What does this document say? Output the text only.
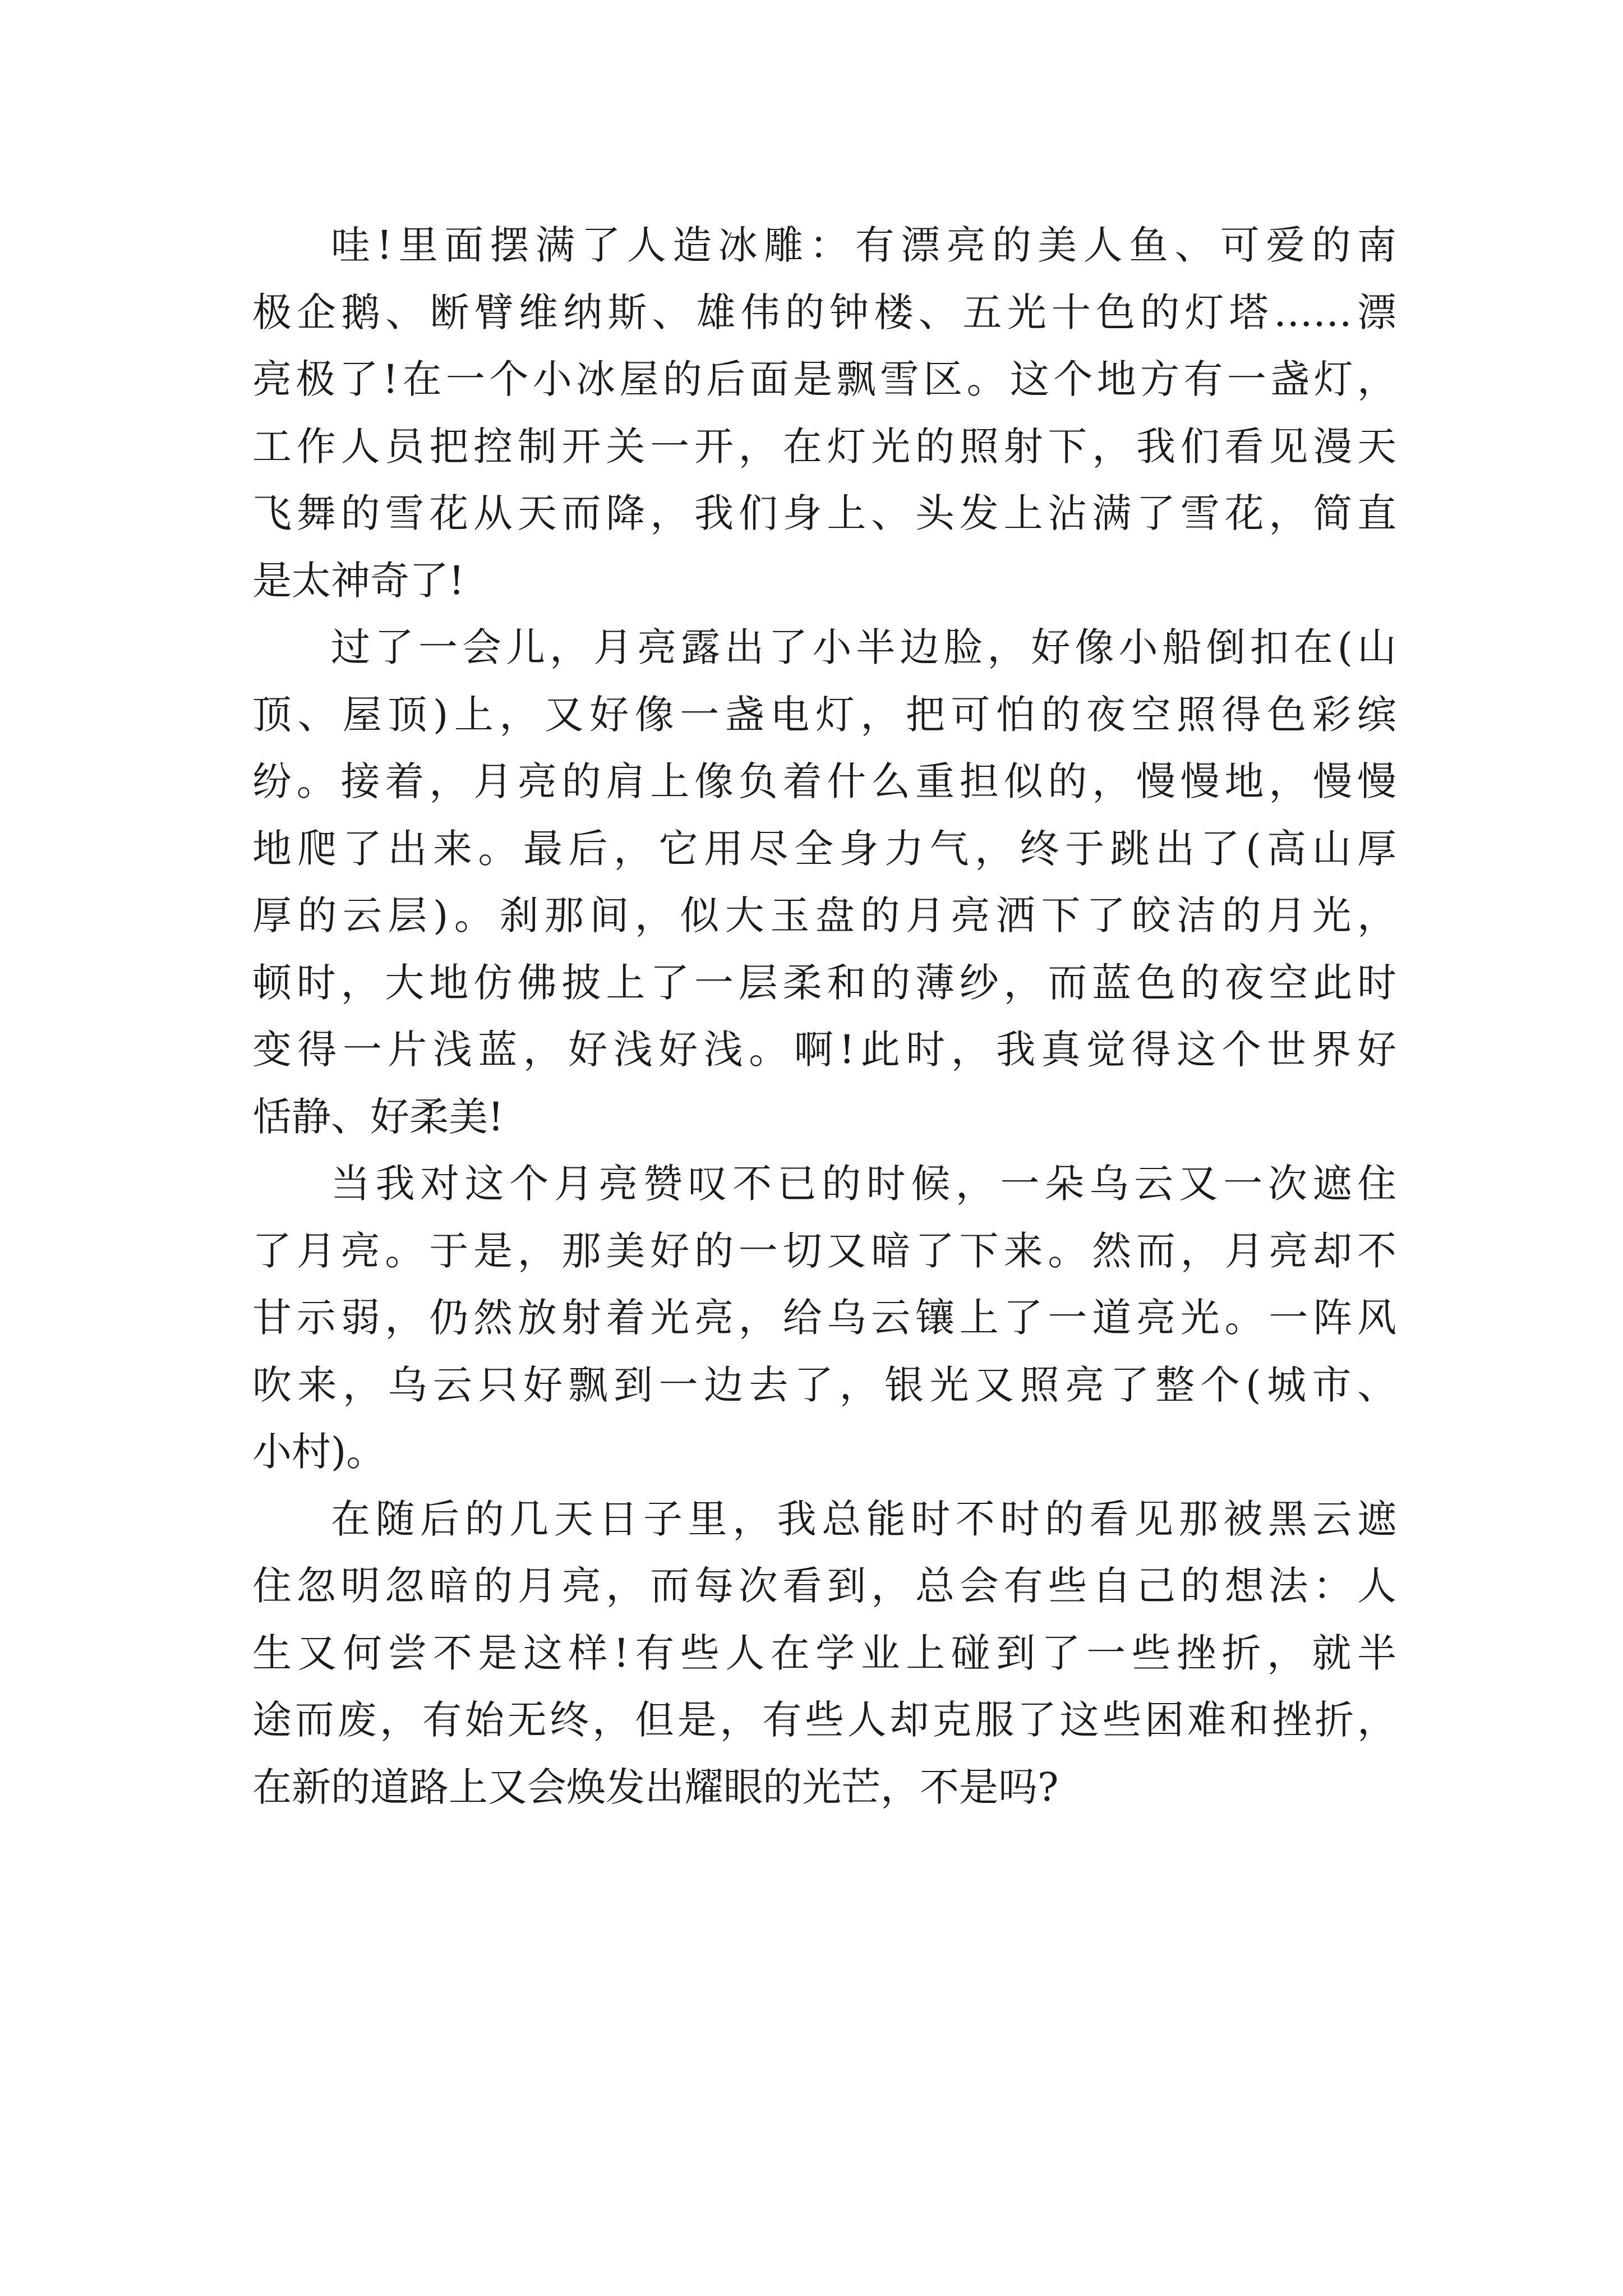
哇!里面摆满了人造冰雕：有漂亮的美人鱼、可爱的南
极企鹅、断臂维纳斯、雄伟的钟楼、五光十色的灯塔……漂
亮极了!在一个小冰屋的后面是飘雪区。这个地方有一盏灯，
工作人员把控制开关一开，在灯光的照射下，我们看见漫天
飞舞的雪花从天而降，我们身上、头发上沾满了雪花，简直
是太神奇了!
过了一会儿，月亮露出了小半边脸，好像小船倒扣在(山
顶、屋顶)上，又好像一盏电灯，把可怕的夜空照得色彩缤
纷。接着，月亮的肩上像负着什么重担似的，慢慢地，慢慢
地爬了出来。最后，它用尽全身力气，终于跳出了(高山厚
厚的云层)。刹那间，似大玉盘的月亮洒下了皎洁的月光，
顿时，大地仿佛披上了一层柔和的薄纱，而蓝色的夜空此时
变得一片浅蓝，好浅好浅。啊!此时，我真觉得这个世界好
恬静、好柔美!
当我对这个月亮赞叹不已的时候，一朵乌云又一次遮住
了月亮。于是，那美好的一切又暗了下来。然而，月亮却不
甘示弱，仍然放射着光亮，给乌云镶上了一道亮光。一阵风
吹来，乌云只好飘到一边去了，银光又照亮了整个(城市、
小村)。
在随后的几天日子里，我总能时不时的看见那被黑云遮
住忽明忽暗的月亮，而每次看到，总会有些自己的想法：人
生又何尝不是这样!有些人在学业上碰到了一些挫折，就半
途而废，有始无终，但是，有些人却克服了这些困难和挫折，
在新的道路上又会焕发出耀眼的光芒，不是吗?
